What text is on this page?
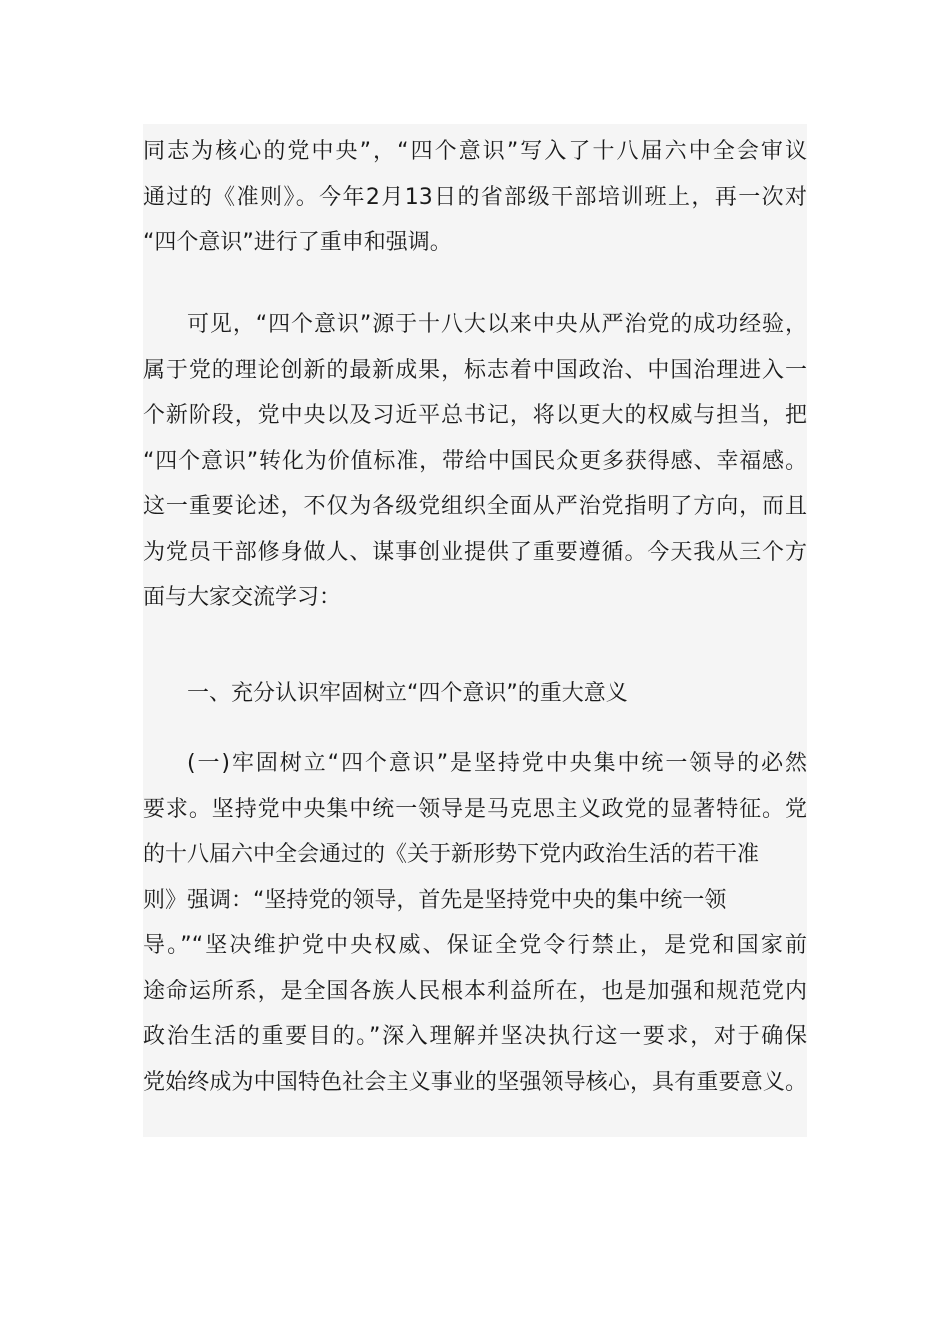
同志为核心的党中央”，“四个意识”写入了十八届六中全会审议
通过的《准则》。今年2月13日的省部级干部培训班上，再一次对
“四个意识”进行了重申和强调。
可见，“四个意识”源于十八大以来中央从严治党的成功经验，
属于党的理论创新的最新成果，标志着中国政治、中国治理进入一
个新阶段，党中央以及习近平总书记，将以更大的权威与担当，把
“四个意识”转化为价值标准，带给中国民众更多获得感、幸福感。
这一重要论述，不仅为各级党组织全面从严治党指明了方向，而且
为党员干部修身做人、谋事创业提供了重要遵循。今天我从三个方
面与大家交流学习：
一、充分认识牢固树立“四个意识”的重大意义
(一)牢固树立“四个意识”是坚持党中央集中统一领导的必然
要求。坚持党中央集中统一领导是马克思主义政党的显著特征。党
的十八届六中全会通过的《关于新形势下党内政治生活的若干准
则》强调：“坚持党的领导，首先是坚持党中央的集中统一领
导。”“坚决维护党中央权威、保证全党令行禁止，是党和国家前
途命运所系，是全国各族人民根本利益所在，也是加强和规范党内
政治生活的重要目的。”深入理解并坚决执行这一要求，对于确保
党始终成为中国特色社会主义事业的坚强领导核心，具有重要意义。
